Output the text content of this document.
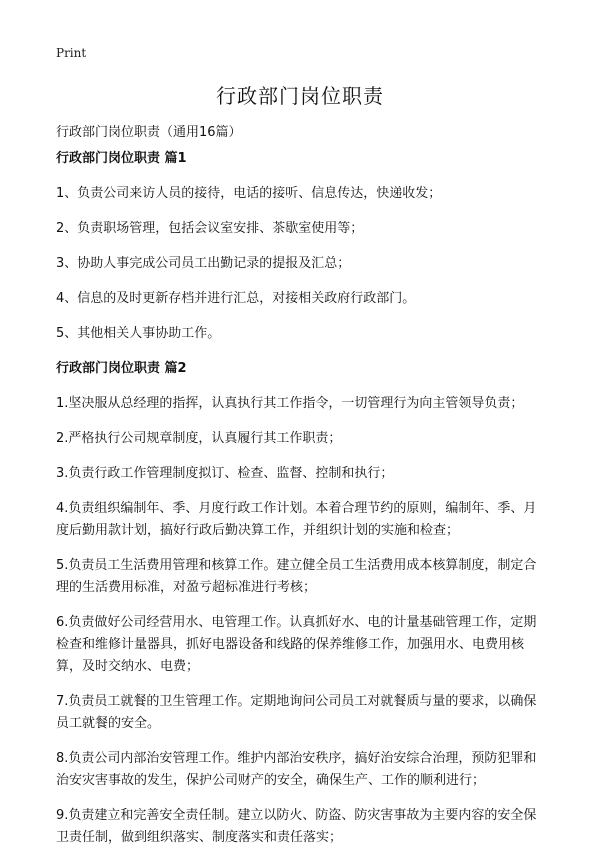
Print
行政部门岗位职责
行政部门岗位职责（通用16篇）
行政部门岗位职责 篇1

1、负责公司来访人员的接待，电话的接听、信息传达，快递收发；

2、负责职场管理，包括会议室安排、茶歇室使用等；

3、协助人事完成公司员工出勤记录的提报及汇总；

4、信息的及时更新存档并进行汇总，对接相关政府行政部门。

5、其他相关人事协助工作。

行政部门岗位职责 篇2

1.坚决服从总经理的指挥，认真执行其工作指令，一切管理行为向主管领导负责；

2.严格执行公司规章制度，认真履行其工作职责；

3.负责行政工作管理制度拟订、检查、监督、控制和执行；

4.负责组织编制年、季、月度行政工作计划。本着合理节约的原则，编制年、季、月度后勤用款计划，搞好行政后勤决算工作，并组织计划的实施和检查；

5.负责员工生活费用管理和核算工作。建立健全员工生活费用成本核算制度，制定合理的生活费用标准，对盈亏超标准进行考核；

6.负责做好公司经营用水、电管理工作。认真抓好水、电的计量基础管理工作，定期检查和维修计量器具，抓好电器设备和线路的保养维修工作，加强用水、电费用核算，及时交纳水、电费；

7.负责员工就餐的卫生管理工作。定期地询问公司员工对就餐质与量的要求，以确保员工就餐的安全。

8.负责公司内部治安管理工作。维护内部治安秩序，搞好治安综合治理，预防犯罪和治安灾害事故的发生，保护公司财产的安全，确保生产、工作的顺利进行；

9.负责建立和完善安全责任制。建立以防火、防盗、防灾害事故为主要内容的安全保卫责任制，做到组织落实、制度落实和责任落实；
